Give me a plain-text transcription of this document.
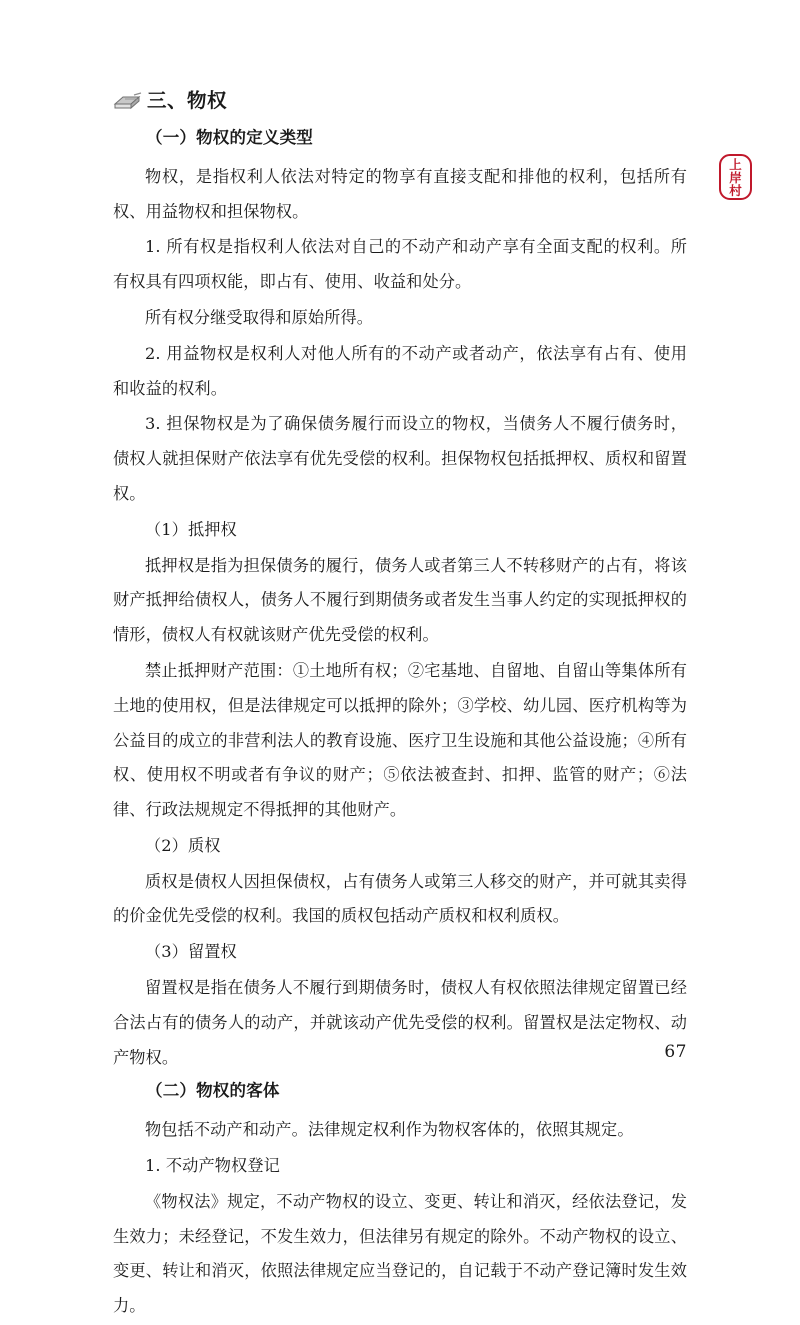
三、物权
（一）物权的定义类型

物权，是指权利人依法对特定的物享有直接支配和排他的权利，包括所有权、用益物权和担保物权。

1. 所有权是指权利人依法对自己的不动产和动产享有全面支配的权利。所有权具有四项权能，即占有、使用、收益和处分。

所有权分继受取得和原始所得。

2. 用益物权是权利人对他人所有的不动产或者动产，依法享有占有、使用和收益的权利。

3. 担保物权是为了确保债务履行而设立的物权，当债务人不履行债务时，债权人就担保财产依法享有优先受偿的权利。担保物权包括抵押权、质权和留置权。

（1）抵押权

抵押权是指为担保债务的履行，债务人或者第三人不转移财产的占有，将该财产抵押给债权人，债务人不履行到期债务或者发生当事人约定的实现抵押权的情形，债权人有权就该财产优先受偿的权利。

禁止抵押财产范围：①土地所有权；②宅基地、自留地、自留山等集体所有土地的使用权，但是法律规定可以抵押的除外；③学校、幼儿园、医疗机构等为公益目的成立的非营利法人的教育设施、医疗卫生设施和其他公益设施；④所有权、使用权不明或者有争议的财产；⑤依法被查封、扣押、监管的财产；⑥法律、行政法规规定不得抵押的其他财产。

（2）质权

质权是债权人因担保债权，占有债务人或第三人移交的财产，并可就其卖得的价金优先受偿的权利。我国的质权包括动产质权和权利质权。

（3）留置权

留置权是指在债务人不履行到期债务时，债权人有权依照法律规定留置已经合法占有的债务人的动产，并就该动产优先受偿的权利。留置权是法定物权、动产物权。

（二）物权的客体

物包括不动产和动产。法律规定权利作为物权客体的，依照其规定。

1. 不动产物权登记

《物权法》规定，不动产物权的设立、变更、转让和消灭，经依法登记，发生效力；未经登记，不发生效力，但法律另有规定的除外。不动产物权的设立、变更、转让和消灭，依照法律规定应当登记的，自记载于不动产登记簿时发生效力。

上
岸
村
67
